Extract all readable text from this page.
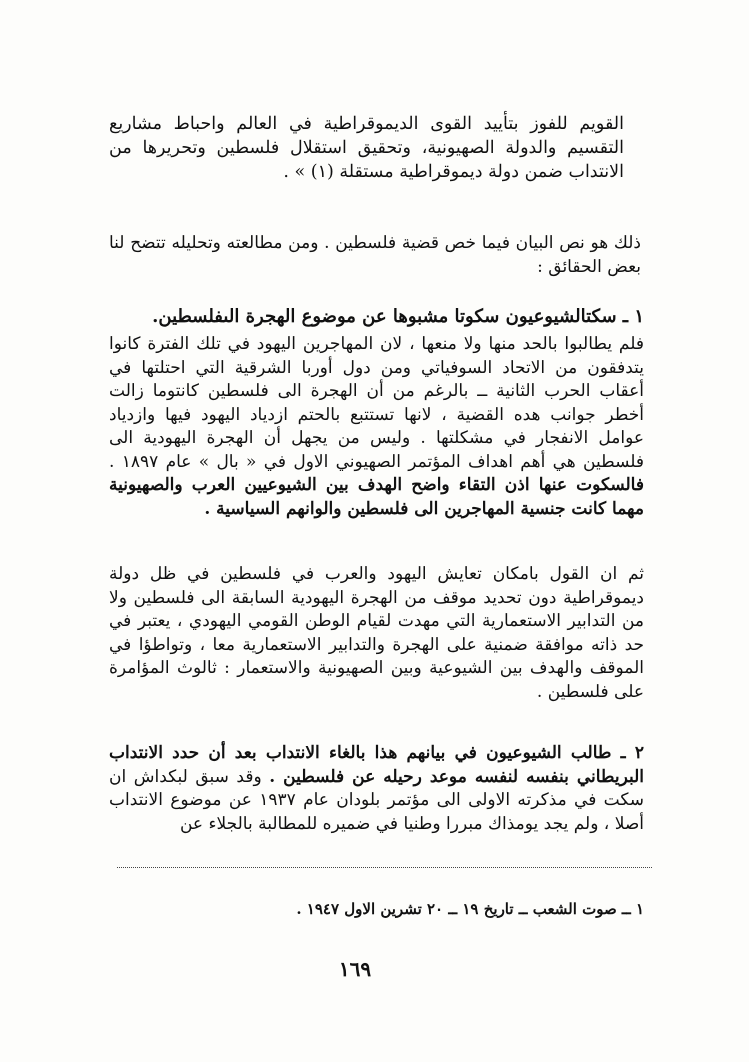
القويم للفوز بتأييد القوى الديموقراطية في العالم واحباط مشاريع التقسيم والدولة الصهيونية، وتحقيق استقلال فلسطين وتحريرها من الانتداب ضمن دولة ديموقراطية مستقلة (١) » .

ذلك هو نص البيان فيما خص قضية فلسطين . ومن مطالعته وتحليله تتضح لنا بعض الحقائق :

١ ـ سكتالشيوعيون سكوتا مشبوها عن موضوع الهجرة الىفلسطين.

فلم يطالبوا بالحد منها ولا منعها ، لان المهاجرين اليهود في تلك الفترة كانوا يتدفقون من الاتحاد السوفياتي ومن دول أوربا الشرقية التي احتلتها في أعقاب الحرب الثانية ــ بالرغم من أن الهجرة الى فلسطين كانتوما زالت أخطر جوانب هده القضية ، لانها تستتبع بالحتم ازدياد اليهود فيها وازدياد عوامل الانفجار في مشكلتها . وليس من يجهل أن الهجرة اليهودية الى فلسطين هي أهم اهداف المؤتمر الصهيوني الاول في « بال » عام ١٨٩٧ . فالسكوت عنها اذن التقاء واضح الهدف بين الشيوعيين العرب والصهيونية مهما كانت جنسية المهاجرين الى فلسطين والوانهم السياسية .

ثم ان القول بامكان تعايش اليهود والعرب في فلسطين في ظل دولة ديموقراطية دون تحديد موقف من الهجرة اليهودية السابقة الى فلسطين ولا من التدابير الاستعمارية التي مهدت لقيام الوطن القومي اليهودي ، يعتبر في حد ذاته موافقة ضمنية على الهجرة والتدابير الاستعمارية معا ، وتواطؤا في الموقف والهدف بين الشيوعية وبين الصهيونية والاستعمار : ثالوث المؤامرة على فلسطين .

٢ ـ طالب الشيوعيون في بيانهم هذا بالغاء الانتداب بعد أن حدد الانتداب البريطاني بنفسه لنفسه موعد رحيله عن فلسطين . وقد سبق لبكداش ان سكت في مذكرته الاولى الى مؤتمر بلودان عام ١٩٣٧ عن موضوع الانتداب أصلا ، ولم يجد يومذاك مبررا وطنيا في ضميره للمطالبة بالجلاء عن

١ ــ صوت الشعب ــ تاريخ ١٩ ــ ٢٠ تشرين الاول ١٩٤٧ .

١٦٩
